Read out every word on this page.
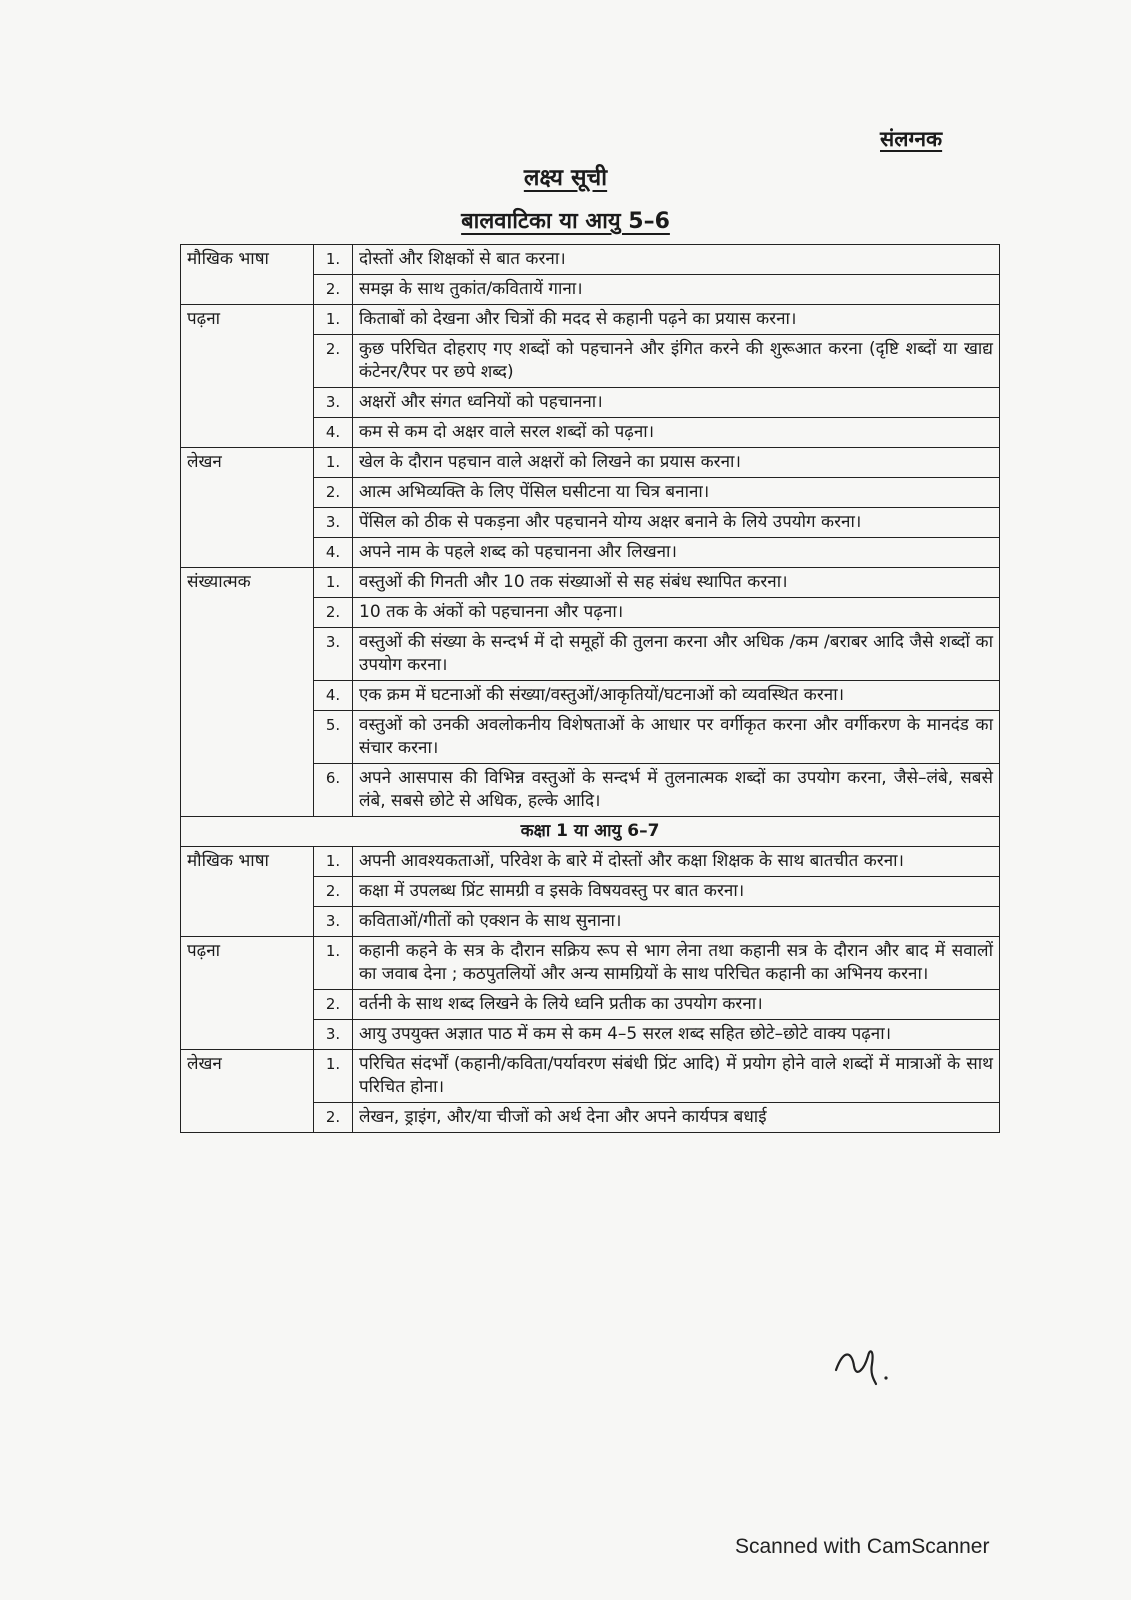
संलग्नक
लक्ष्य सूची
बालवाटिका या आयु 5–6
मौखिक भाषा	1.	दोस्तों और शिक्षकों से बात करना।
	2.	समझ के साथ तुकांत/कवितायें गाना।
पढ़ना	1.	किताबों को देखना और चित्रों की मदद से कहानी पढ़ने का प्रयास करना।
	2.	कुछ परिचित दोहराए गए शब्दों को पहचानने और इंगित करने की शुरूआत करना (दृष्टि शब्दों या खाद्य कंटेनर/रैपर पर छपे शब्द)
	3.	अक्षरों और संगत ध्वनियों को पहचानना।
	4.	कम से कम दो अक्षर वाले सरल शब्दों को पढ़ना।
लेखन	1.	खेल के दौरान पहचान वाले अक्षरों को लिखने का प्रयास करना।
	2.	आत्म अभिव्यक्ति के लिए पेंसिल घसीटना या चित्र बनाना।
	3.	पेंसिल को ठीक से पकड़ना और पहचानने योग्य अक्षर बनाने के लिये उपयोग करना।
	4.	अपने नाम के पहले शब्द को पहचानना और लिखना।
संख्यात्मक	1.	वस्तुओं की गिनती और 10 तक संख्याओं से सह संबंध स्थापित करना।
	2.	10 तक के अंकों को पहचानना और पढ़ना।
	3.	वस्तुओं की संख्या के सन्दर्भ में दो समूहों की तुलना करना और अधिक /कम /बराबर आदि जैसे शब्दों का उपयोग करना।
	4.	एक क्रम में घटनाओं की संख्या/वस्तुओं/आकृतियों/घटनाओं को व्यवस्थित करना।
	5.	वस्तुओं को उनकी अवलोकनीय विशेषताओं के आधार पर वर्गीकृत करना और वर्गीकरण के मानदंड का संचार करना।
	6.	अपने आसपास की विभिन्न वस्तुओं के सन्दर्भ में तुलनात्मक शब्दों का उपयोग करना, जैसे–लंबे, सबसे लंबे, सबसे छोटे से अधिक, हल्के आदि।
कक्षा 1 या आयु 6–7		
मौखिक भाषा	1.	अपनी आवश्यकताओं, परिवेश के बारे में दोस्तों और कक्षा शिक्षक के साथ बातचीत करना।
	2.	कक्षा में उपलब्ध प्रिंट सामग्री व इसके विषयवस्तु पर बात करना।
	3.	कविताओं/गीतों को एक्शन के साथ सुनाना।
पढ़ना	1.	कहानी कहने के सत्र के दौरान सक्रिय रूप से भाग लेना तथा कहानी सत्र के दौरान और बाद में सवालों का जवाब देना ; कठपुतलियों और अन्य सामग्रियों के साथ परिचित कहानी का अभिनय करना।
	2.	वर्तनी के साथ शब्द लिखने के लिये ध्वनि प्रतीक का उपयोग करना।
	3.	आयु उपयुक्त अज्ञात पाठ में कम से कम 4–5 सरल शब्द सहित छोटे–छोटे वाक्य पढ़ना।
लेखन	1.	परिचित संदर्भों (कहानी/कविता/पर्यावरण संबंधी प्रिंट आदि) में प्रयोग होने वाले शब्दों में मात्राओं के साथ परिचित होना।
	2.	लेखन, ड्राइंग, और/या चीजों को अर्थ देना और अपने कार्यपत्र बधाई
Scanned with CamScanner
